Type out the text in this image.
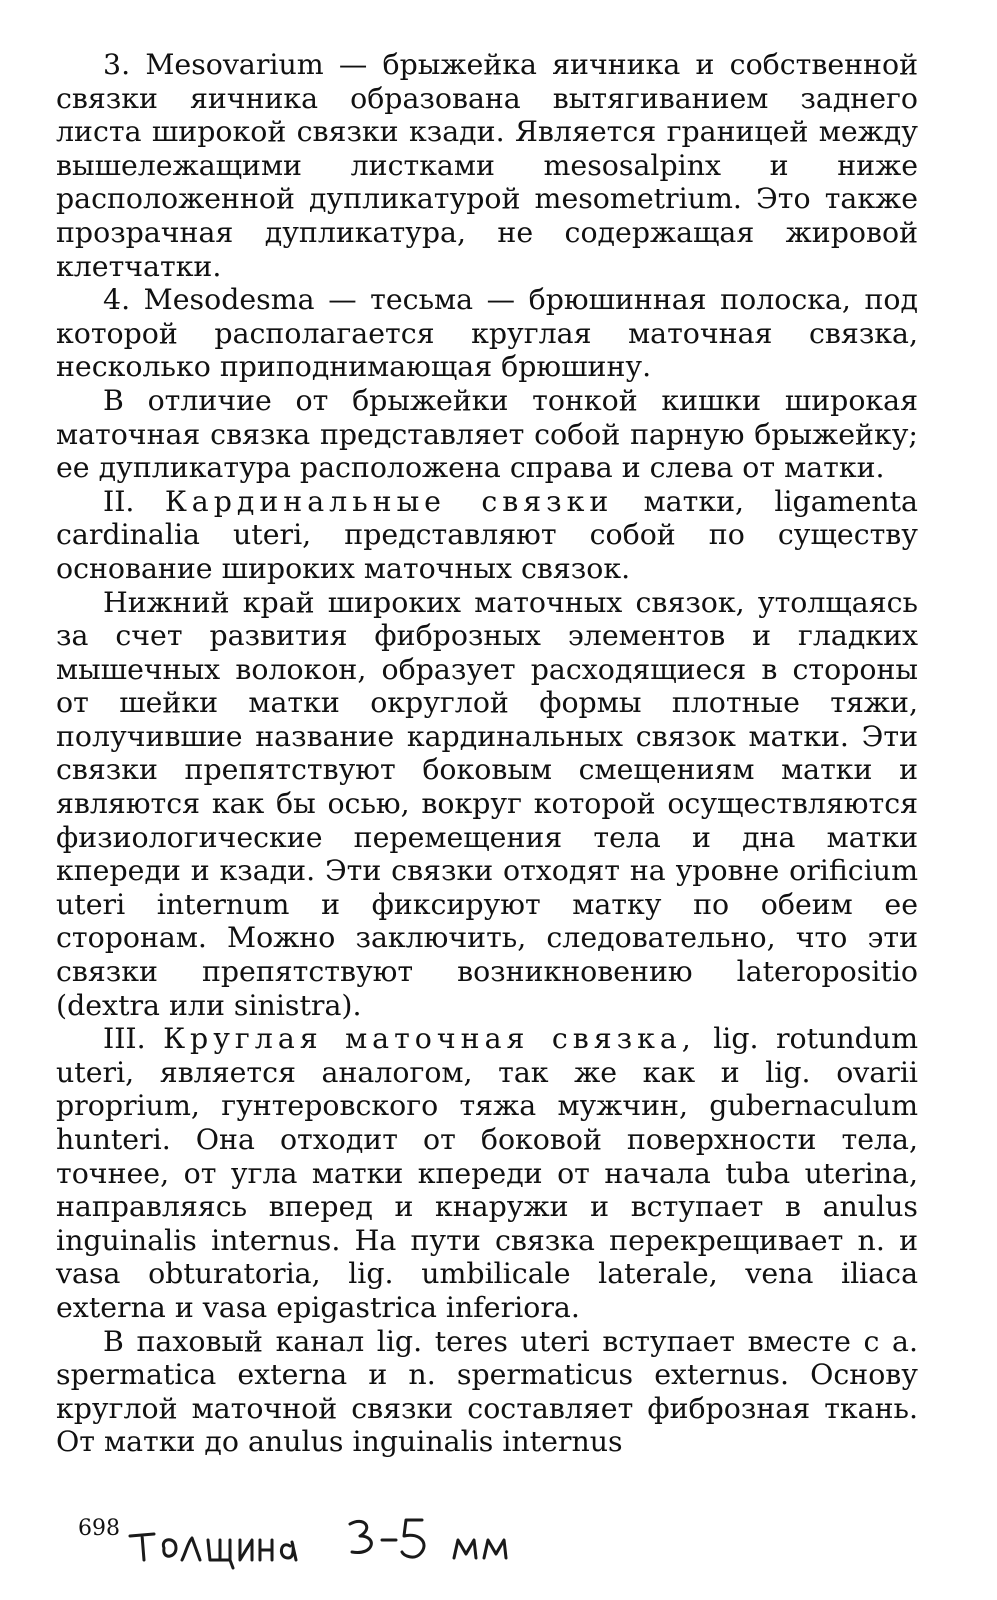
3. Mesovarium — брыжейка яичника и собственной связки яичника образована вытягиванием заднего листа широкой связки кзади. Является границей между вышележащими листками mesosalpinx и ниже расположенной дупликатурой mesometrium. Это также прозрачная дупликатура, не содержащая жировой клетчатки.

4. Mesodesma — тесьма — брюшинная полоска, под которой располагается круглая маточная связка, несколько приподнимающая брюшину.

В отличие от брыжейки тонкой кишки широкая маточная связка представляет собой парную брыжейку; ее дупликатура расположена справа и слева от матки.

II. Кардинальные связки матки, ligamenta cardinalia uteri, представляют собой по существу основание широких маточных связок.

Нижний край широких маточных связок, утолщаясь за счет развития фиброзных элементов и гладких мышечных волокон, образует расходящиеся в стороны от шейки матки округлой формы плотные тяжи, получившие название кардинальных связок матки. Эти связки препятствуют боковым смещениям матки и являются как бы осью, вокруг которой осуществляются физиологические перемещения тела и дна матки кпереди и кзади. Эти связки отходят на уровне orificium uteri internum и фиксируют матку по обеим ее сторонам. Можно заключить, следовательно, что эти связки препятствуют возникновению lateropositio (dextra или sinistra).

III. Круглая маточная связка, lig. rotundum uteri, является аналогом, так же как и lig. ovarii proprium, гунтеровского тяжа мужчин, gubernaculum hunteri. Она отходит от боковой поверхности тела, точнее, от угла матки кпереди от начала tuba uterina, направляясь вперед и кнаружи и вступает в anulus inguinalis internus. На пути связка перекрещивает n. и vasa obturatoria, lig. umbilicale laterale, vena iliaca externa и vasa epigastrica inferiora.

В паховый канал lig. teres uteri вступает вместе с a. spermatica externa и n. spermaticus externus. Основу круглой маточной связки составляет фиброзная ткань. От матки до anulus inguinalis internus

698
толщина 3-5 мм
